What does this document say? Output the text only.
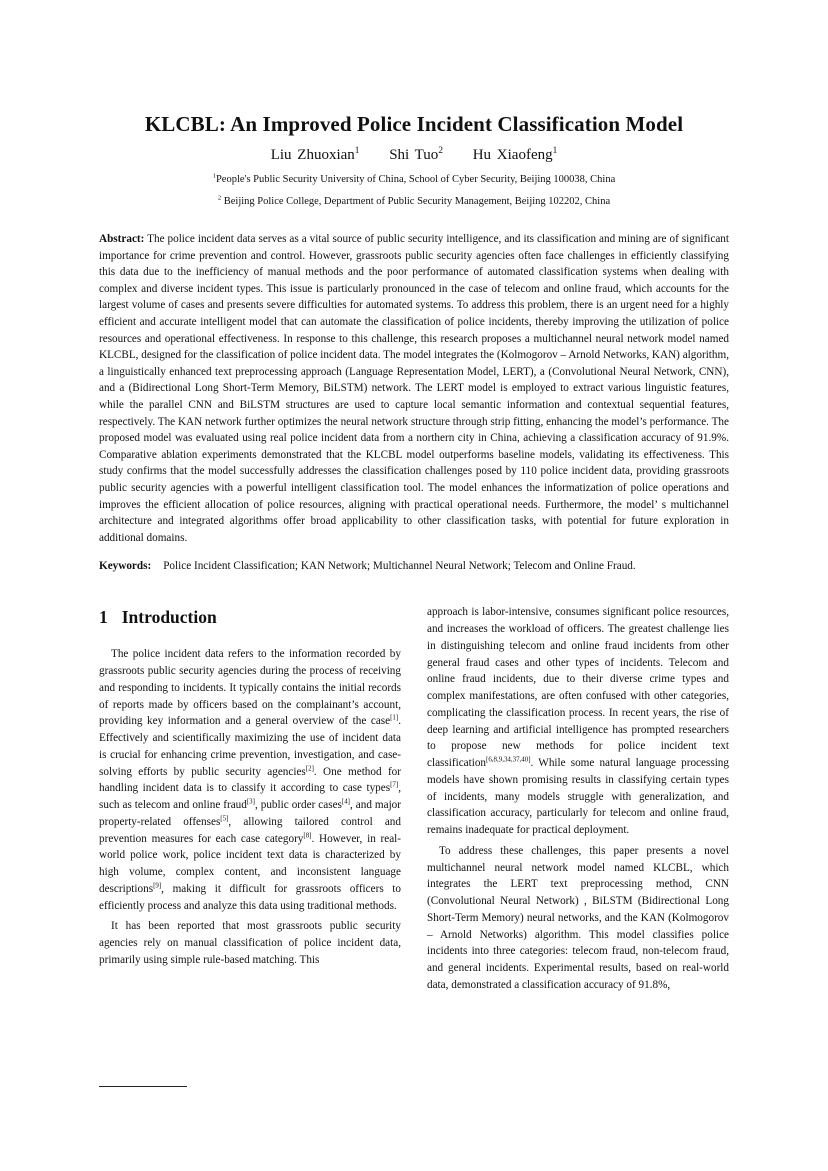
KLCBL: An Improved Police Incident Classification Model
Liu Zhuoxian$^1$ Shi Tuo$^2$ Hu Xiaofeng$^1$
$^1$People's Public Security University of China, School of Cyber Security, Beijing 100038, China
$^2$ Beijing Police College, Department of Public Security Management, Beijing 102202, China
Abstract: The police incident data serves as a vital source of public security intelligence, and its classification and mining are of significant importance for crime prevention and control. However, grassroots public security agencies often face challenges in efficiently classifying this data due to the inefficiency of manual methods and the poor performance of automated classification systems when dealing with complex and diverse incident types. This issue is particularly pronounced in the case of telecom and online fraud, which accounts for the largest volume of cases and presents severe difficulties for automated systems. To address this problem, there is an urgent need for a highly efficient and accurate intelligent model that can automate the classification of police incidents, thereby improving the utilization of police resources and operational effectiveness. In response to this challenge, this research proposes a multichannel neural network model named KLCBL, designed for the classification of police incident data. The model integrates the (Kolmogorov – Arnold Networks, KAN) algorithm, a linguistically enhanced text preprocessing approach (Language Representation Model, LERT), a (Convolutional Neural Network, CNN), and a (Bidirectional Long Short-Term Memory, BiLSTM) network. The LERT model is employed to extract various linguistic features, while the parallel CNN and BiLSTM structures are used to capture local semantic information and contextual sequential features, respectively. The KAN network further optimizes the neural network structure through strip fitting, enhancing the model’s performance. The proposed model was evaluated using real police incident data from a northern city in China, achieving a classification accuracy of 91.9%. Comparative ablation experiments demonstrated that the KLCBL model outperforms baseline models, validating its effectiveness. This study confirms that the model successfully addresses the classification challenges posed by 110 police incident data, providing grassroots public security agencies with a powerful intelligent classification tool. The model enhances the informatization of police operations and improves the efficient allocation of police resources, aligning with practical operational needs. Furthermore, the model’ s multichannel architecture and integrated algorithms offer broad applicability to other classification tasks, with potential for future exploration in additional domains.
Keywords: Police Incident Classification; KAN Network; Multichannel Neural Network; Telecom and Online Fraud.
1 Introduction

The police incident data refers to the information recorded by grassroots public security agencies during the process of receiving and responding to incidents. It typically contains the initial records of reports made by officers based on the complainant’s account, providing key information and a general overview of the case[1]. Effectively and scientifically maximizing the use of incident data is crucial for enhancing crime prevention, investigation, and case-solving efforts by public security agencies[2]. One method for handling incident data is to classify it according to case types[7], such as telecom and online fraud[3], public order cases[4], and major property-related offenses[5], allowing tailored control and prevention measures for each case category[8]. However, in real-world police work, police incident text data is characterized by high volume, complex content, and inconsistent language descriptions[9], making it difficult for grassroots officers to efficiently process and analyze this data using traditional methods.

It has been reported that most grassroots public security agencies rely on manual classification of police incident data, primarily using simple rule-based matching. This

approach is labor-intensive, consumes significant police resources, and increases the workload of officers. The greatest challenge lies in distinguishing telecom and online fraud incidents from other general fraud cases and other types of incidents. Telecom and online fraud incidents, due to their diverse crime types and complex manifestations, are often confused with other categories, complicating the classification process. In recent years, the rise of deep learning and artificial intelligence has prompted researchers to propose new methods for police incident text classification[6,8,9,34,37,40]. While some natural language processing models have shown promising results in classifying certain types of incidents, many models struggle with generalization, and classification accuracy, particularly for telecom and online fraud, remains inadequate for practical deployment.

To address these challenges, this paper presents a novel multichannel neural network model named KLCBL, which integrates the LERT text preprocessing method, CNN (Convolutional Neural Network) , BiLSTM (Bidirectional Long Short-Term Memory) neural networks, and the KAN (Kolmogorov – Arnold Networks) algorithm. This model classifies police incidents into three categories: telecom fraud, non-telecom fraud, and general incidents. Experimental results, based on real-world data, demonstrated a classification accuracy of 91.8%,
